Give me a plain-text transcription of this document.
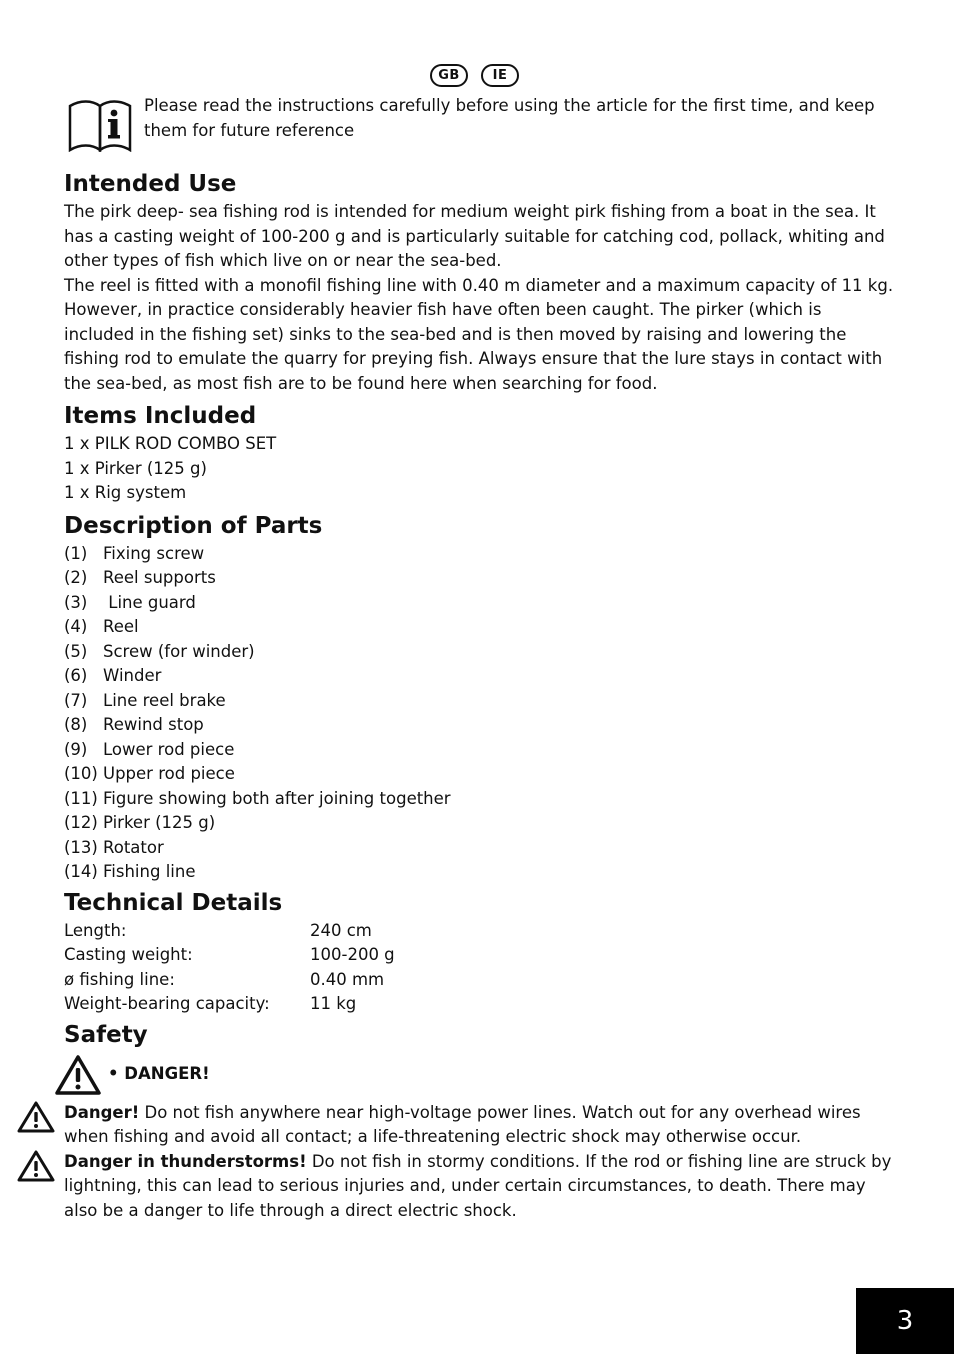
GB	IE
Please read the instructions carefully before using the article for the first time, and keep them for future reference
Intended Use

The pirk deep- sea fishing rod is intended for medium weight pirk fishing from a boat in the sea. It has a casting weight of 100-200 g and is particularly suitable for catching cod, pollack, whiting and other types of fish which live on or near the sea-bed.

The reel is fitted with a monofil fishing line with 0.40 m diameter and a maximum capacity of 11 kg. However, in practice considerably heavier fish have often been caught. The pirker (which is included in the fishing set) sinks to the sea-bed and is then moved by raising and lowering the fishing rod to emulate the quarry for preying fish. Always ensure that the lure stays in contact with the sea-bed, as most fish are to be found here when searching for food.

Items Included
1 x PILK ROD COMBO SET
1 x Pirker (125 g)
1 x Rig system
Description of Parts
(1) Fixing screw
(2) Reel supports
(3) Line guard
(4) Reel
(5) Screw (for winder)
(6) Winder
(7) Line reel brake
(8) Rewind stop
(9) Lower rod piece
(10) Upper rod piece
(11) Figure showing both after joining together
(12) Pirker (125 g)
(13) Rotator
(14) Fishing line
Technical Details
Length:	240 cm
Casting weight:	100-200 g
ø fishing line:	0.40 mm
Weight-bearing capacity:	11 kg
Safety
• DANGER!
Danger! Do not fish anywhere near high-voltage power lines. Watch out for any overhead wires when fishing and avoid all contact; a life-threatening electric shock may otherwise occur.
Danger in thunderstorms! Do not fish in stormy conditions. If the rod or fishing line are struck by lightning, this can lead to serious injuries and, under certain circumstances, to death. There may also be a danger to life through a direct electric shock.
3
